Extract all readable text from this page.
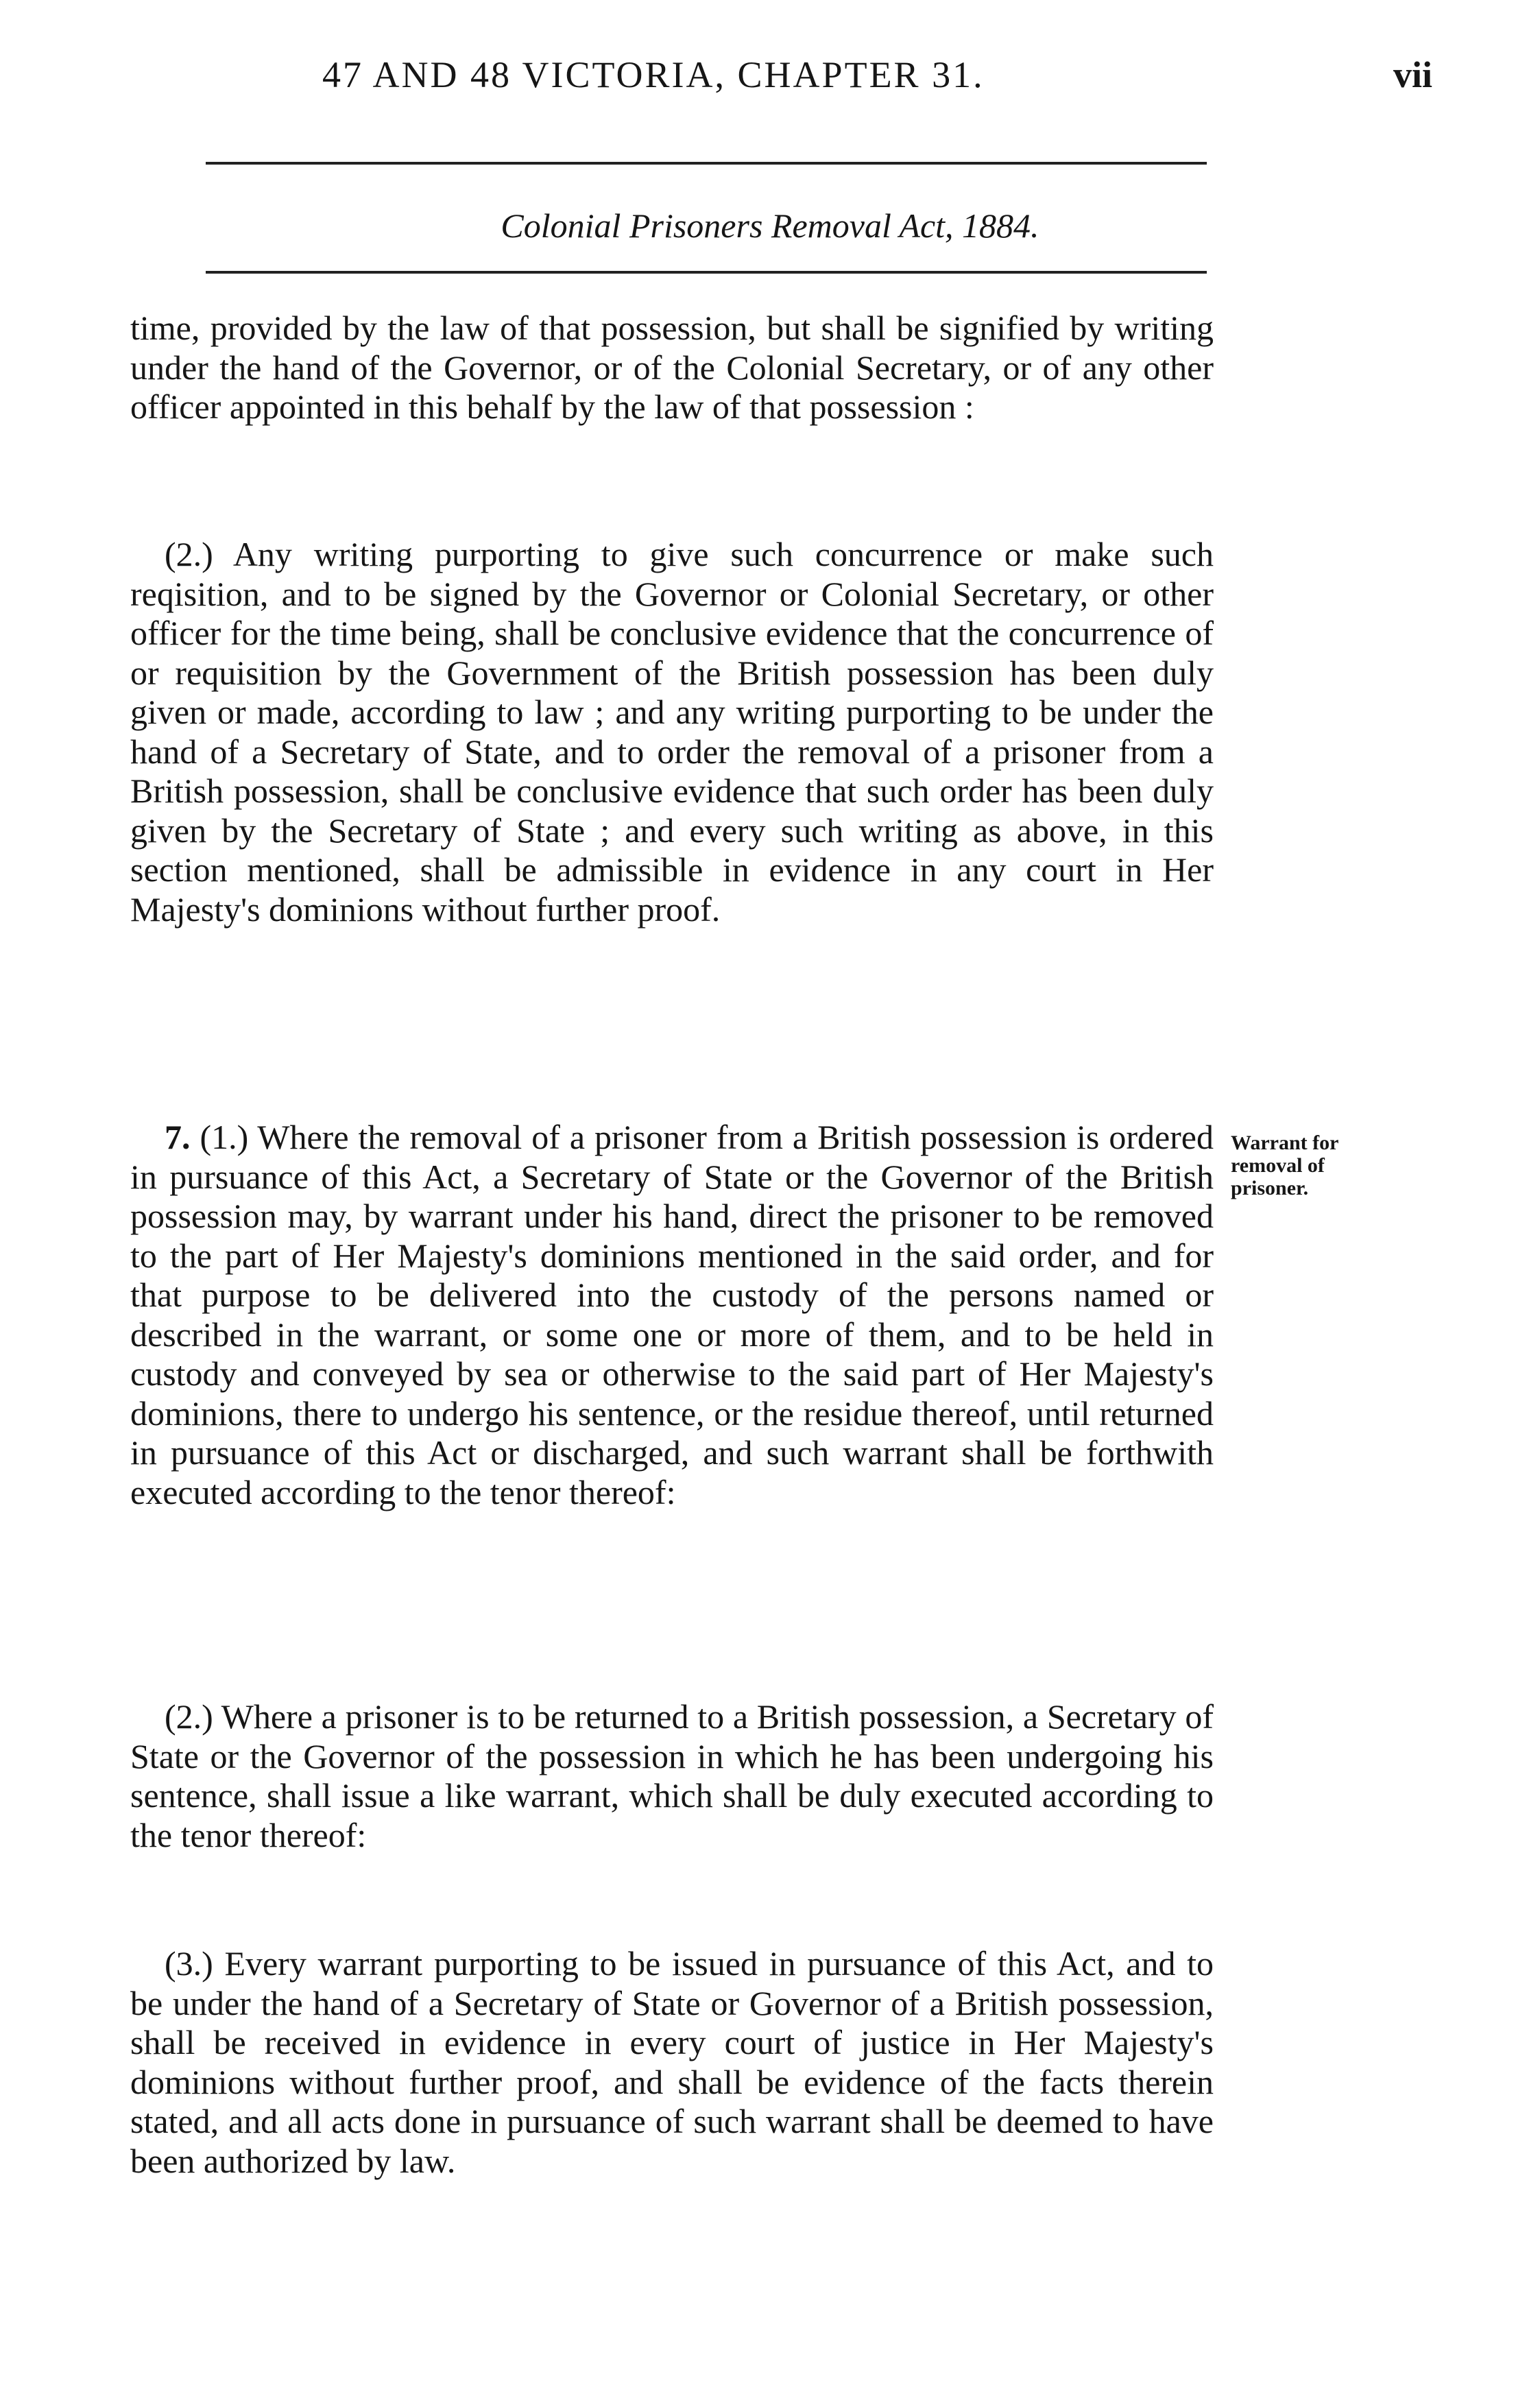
47 AND 48 VICTORIA, CHAPTER 31.	vii
Colonial Prisoners Removal Act, 1884.

time, provided by the law of that possession, but shall be signified by writing under the hand of the Governor, or of the Colonial Secretary, or of any other officer appointed in this behalf by the law of that possession :

(2.) Any writing purporting to give such concurrence or make such reqisition, and to be signed by the Governor or Colonial Secretary, or other officer for the time being, shall be conclusive evidence that the concurrence of or requisition by the Government of the British possession has been duly given or made, according to law ; and any writing purporting to be under the hand of a Secretary of State, and to order the removal of a prisoner from a British possession, shall be conclusive evidence that such order has been duly given by the Secretary of State ; and every such writing as above, in this section mentioned, shall be admissible in evidence in any court in Her Majesty's dominions without further proof.

7. (1.) Where the removal of a prisoner from a British possession is ordered in pursuance of this Act, a Secretary of State or the Governor of the British possession may, by warrant under his hand, direct the prisoner to be removed to the part of Her Majesty's dominions mentioned in the said order, and for that purpose to be delivered into the custody of the persons named or described in the warrant, or some one or more of them, and to be held in custody and conveyed by sea or otherwise to the said part of Her Majesty's dominions, there to undergo his sentence, or the residue thereof, until returned in pursuance of this Act or discharged, and such warrant shall be forthwith executed according to the tenor thereof:

Warrant for removal of prisoner.

(2.) Where a prisoner is to be returned to a British possession, a Secretary of State or the Governor of the possession in which he has been undergoing his sentence, shall issue a like warrant, which shall be duly executed according to the tenor thereof:

(3.) Every warrant purporting to be issued in pursuance of this Act, and to be under the hand of a Secretary of State or Governor of a British possession, shall be received in evidence in every court of justice in Her Majesty's dominions without further proof, and shall be evidence of the facts therein stated, and all acts done in pursuance of such warrant shall be deemed to have been authorized by law.
